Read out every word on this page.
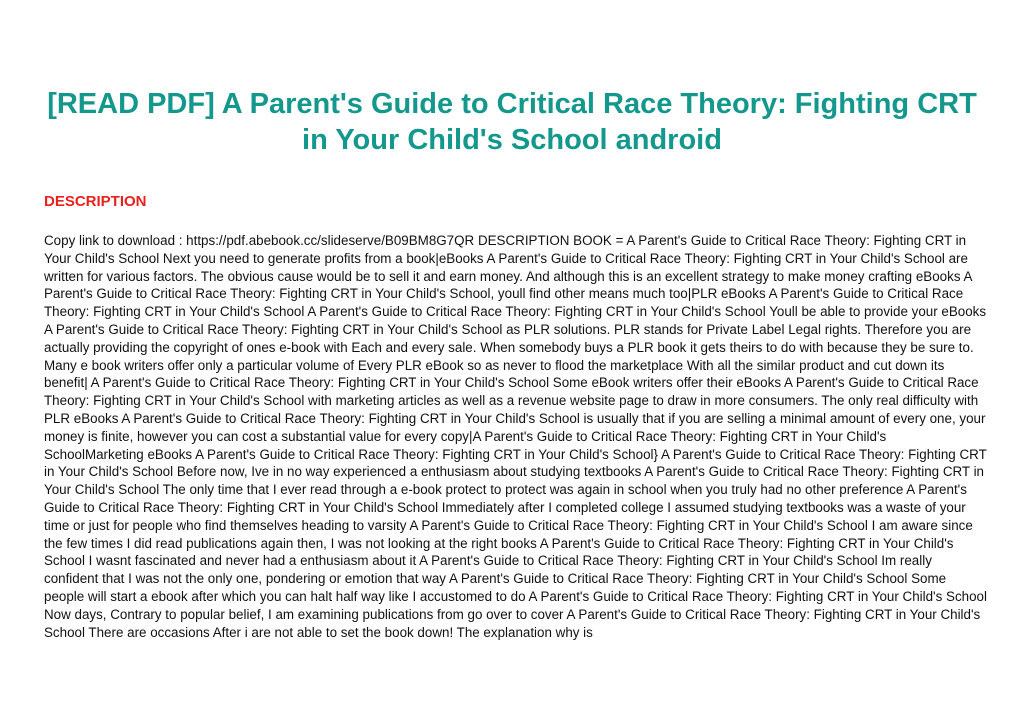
[READ PDF] A Parent's Guide to Critical Race Theory: Fighting CRT in Your Child's School android
DESCRIPTION

Copy link to download : https://pdf.abebook.cc/slideserve/B09BM8G7QR DESCRIPTION BOOK = A Parent's Guide to Critical Race Theory: Fighting CRT in Your Child's School Next you need to generate profits from a book|eBooks A Parent's Guide to Critical Race Theory: Fighting CRT in Your Child's School are written for various factors. The obvious cause would be to sell it and earn money. And although this is an excellent strategy to make money crafting eBooks A Parent's Guide to Critical Race Theory: Fighting CRT in Your Child's School, youll find other means much too|PLR eBooks A Parent's Guide to Critical Race Theory: Fighting CRT in Your Child's School A Parent's Guide to Critical Race Theory: Fighting CRT in Your Child's School Youll be able to provide your eBooks A Parent's Guide to Critical Race Theory: Fighting CRT in Your Child's School as PLR solutions. PLR stands for Private Label Legal rights. Therefore you are actually providing the copyright of ones e-book with Each and every sale. When somebody buys a PLR book it gets theirs to do with because they be sure to. Many e book writers offer only a particular volume of Every PLR eBook so as never to flood the marketplace With all the similar product and cut down its benefit| A Parent's Guide to Critical Race Theory: Fighting CRT in Your Child's School Some eBook writers offer their eBooks A Parent's Guide to Critical Race Theory: Fighting CRT in Your Child's School with marketing articles as well as a revenue website page to draw in more consumers. The only real difficulty with PLR eBooks A Parent's Guide to Critical Race Theory: Fighting CRT in Your Child's School is usually that if you are selling a minimal amount of every one, your money is finite, however you can cost a substantial value for every copy|A Parent's Guide to Critical Race Theory: Fighting CRT in Your Child's SchoolMarketing eBooks A Parent's Guide to Critical Race Theory: Fighting CRT in Your Child's School} A Parent's Guide to Critical Race Theory: Fighting CRT in Your Child's School Before now, Ive in no way experienced a enthusiasm about studying textbooks A Parent's Guide to Critical Race Theory: Fighting CRT in Your Child's School The only time that I ever read through a e-book protect to protect was again in school when you truly had no other preference A Parent's Guide to Critical Race Theory: Fighting CRT in Your Child's School Immediately after I completed college I assumed studying textbooks was a waste of your time or just for people who find themselves heading to varsity A Parent's Guide to Critical Race Theory: Fighting CRT in Your Child's School I am aware since the few times I did read publications again then, I was not looking at the right books A Parent's Guide to Critical Race Theory: Fighting CRT in Your Child's School I wasnt fascinated and never had a enthusiasm about it A Parent's Guide to Critical Race Theory: Fighting CRT in Your Child's School Im really confident that I was not the only one, pondering or emotion that way A Parent's Guide to Critical Race Theory: Fighting CRT in Your Child's School Some people will start a ebook after which you can halt half way like I accustomed to do A Parent's Guide to Critical Race Theory: Fighting CRT in Your Child's School Now days, Contrary to popular belief, I am examining publications from go over to cover A Parent's Guide to Critical Race Theory: Fighting CRT in Your Child's School There are occasions After i are not able to set the book down! The explanation why is
